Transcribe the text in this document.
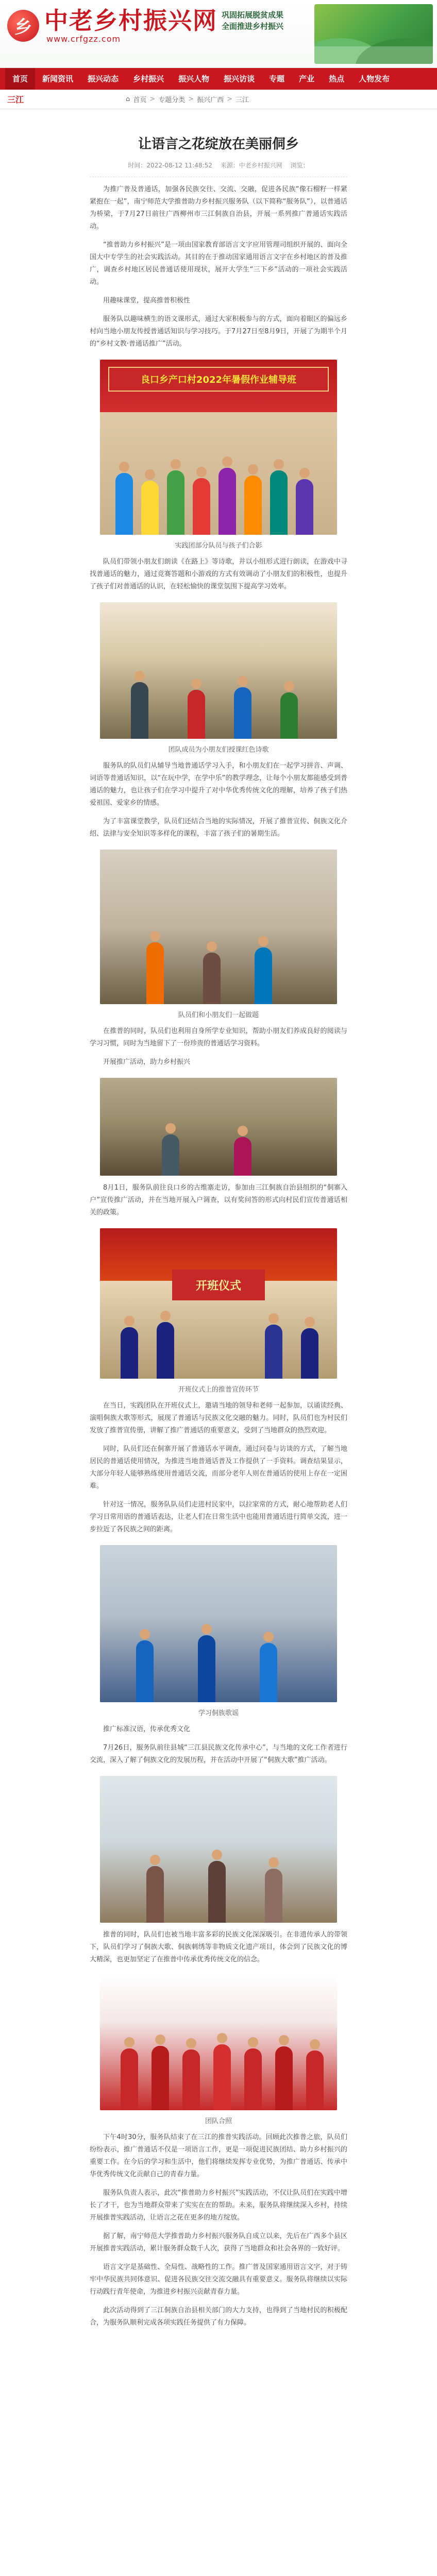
乡 中老乡村振兴网
www.crfgzz.com
巩固拓展脱贫成果
全面推进乡村振兴
首页	新闻资讯	振兴动态	乡村振兴	振兴人物	振兴访谈	专题	产业	热点	人物发布
三江	⌂ 首页 > 专题分类 > 振兴广西 > 三江
让语言之花绽放在美丽侗乡
时间：2022-08-12 11:48:52 来源：中老乡村振兴网 浏览：

为推广普及普通话，加强各民族交往、交流、交融，促进各民族“像石榴籽一样紧紧抱在一起”，南宁师范大学推普助力乡村振兴服务队（以下简称“服务队”），以普通话为桥梁，于7月27日前往广西柳州市三江侗族自治县，开展一系列推广普通话实践活动。

“推普助力乡村振兴”是一项由国家教育部语言文字应用管理司组织开展的、面向全国大中专学生的社会实践活动。其目的在于推动国家通用语言文字在乡村地区的普及推广，调查乡村地区居民普通话使用现状，展开大学生“三下乡”活动的一项社会实践活动。

用趣味课堂，提高推普积极性

服务队以趣味横生的语文课形式，通过大家积极参与的方式，面向着眼区的偏远乡村向当地小朋友传授普通话知识与学习技巧。于7月27日至8月9日，开展了为期半个月的“乡村文教·普通话推广”活动。

良口乡产口村2022年暑假作业辅导班
实践团部分队员与孩子们合影

队员们带领小朋友们朗读《在路上》等诗歌，并以小组形式进行朗读，在游戏中寻找普通话的魅力，通过竞赛答题和小游戏的方式有效调动了小朋友们的积极性，也提升了孩子们对普通话的认识，在轻松愉快的课堂氛围下提高学习效率。

团队成员为小朋友们授课红色诗歌

服务队的队员们从辅导当地普通话学习入手，和小朋友们在一起学习拼音、声调、词语等普通话知识，以“在玩中学，在学中乐”的教学理念，让每个小朋友都能感受到普通话的魅力，也让孩子们在学习中提升了对中华优秀传统文化的理解，培养了孩子们热爱祖国、爱家乡的情感。

为了丰富课堂教学，队员们还结合当地的实际情况，开展了推普宣传、侗族文化介绍、法律与安全知识等多样化的课程，丰富了孩子们的暑期生活。

队员们和小朋友们一起做题

在推普的同时，队员们也利用自身所学专业知识，帮助小朋友们养成良好的阅读与学习习惯，同时为当地留下了一份珍贵的普通话学习资料。

开展推广活动，助力乡村振兴

8月1日，服务队前往良口乡的古维寨走访，参加由三江侗族自治县组织的“侗寨入户”宣传推广活动，并在当地开展入户调查，以有奖问答的形式向村民们宣传普通话相关的政策。

开班仪式
开班仪式上的推普宣传环节

在当日，实践团队在开班仪式上，邀请当地的领导和老师一起参加，以诵读经典、演唱侗族大歌等形式，展现了普通话与民族文化交融的魅力。同时，队员们也为村民们发放了推普宣传册，讲解了推广普通话的重要意义，受到了当地群众的热烈欢迎。

同时，队员们还在侗寨开展了普通话水平调查，通过问卷与访谈的方式，了解当地居民的普通话使用情况，为推进当地普通话普及工作提供了一手资料。调查结果显示，大部分年轻人能够熟练使用普通话交流，而部分老年人则在普通话的使用上存在一定困难。

针对这一情况，服务队队员们走进村民家中，以拉家常的方式，耐心地帮助老人们学习日常用语的普通话表达，让老人们在日常生活中也能用普通话进行简单交流，进一步拉近了各民族之间的距离。

学习侗族歌谣

推广标准汉语，传承优秀文化

7月26日，服务队前往县城“三江县民族文化传承中心”，与当地的文化工作者进行交流，深入了解了侗族文化的发展历程，并在活动中开展了“侗族大歌”推广活动。

推普的同时，队员们也被当地丰富多彩的民族文化深深吸引。在非遗传承人的带领下，队员们学习了侗族大歌、侗族刺绣等非物质文化遗产项目，体会到了民族文化的博大精深，也更加坚定了在推普中传承优秀传统文化的信念。

团队合照

下午4时30分，服务队结束了在三江的推普实践活动。回顾此次推普之旅，队员们纷纷表示，推广普通话不仅是一项语言工作，更是一项促进民族团结、助力乡村振兴的重要工作。在今后的学习和生活中，他们将继续发挥专业优势，为推广普通话、传承中华优秀传统文化贡献自己的青春力量。

服务队负责人表示，此次“推普助力乡村振兴”实践活动，不仅让队员们在实践中增长了才干，也为当地群众带来了实实在在的帮助。未来，服务队将继续深入乡村，持续开展推普实践活动，让语言之花在更多的地方绽放。

据了解，南宁师范大学推普助力乡村振兴服务队自成立以来，先后在广西多个县区开展推普实践活动，累计服务群众数千人次，获得了当地群众和社会各界的一致好评。

语言文字是基础性、全局性、战略性的工作。推广普及国家通用语言文字，对于铸牢中华民族共同体意识、促进各民族交往交流交融具有重要意义。服务队将继续以实际行动践行青年使命，为推进乡村振兴贡献青春力量。

此次活动得到了三江侗族自治县相关部门的大力支持，也得到了当地村民的积极配合，为服务队顺利完成各项实践任务提供了有力保障。
